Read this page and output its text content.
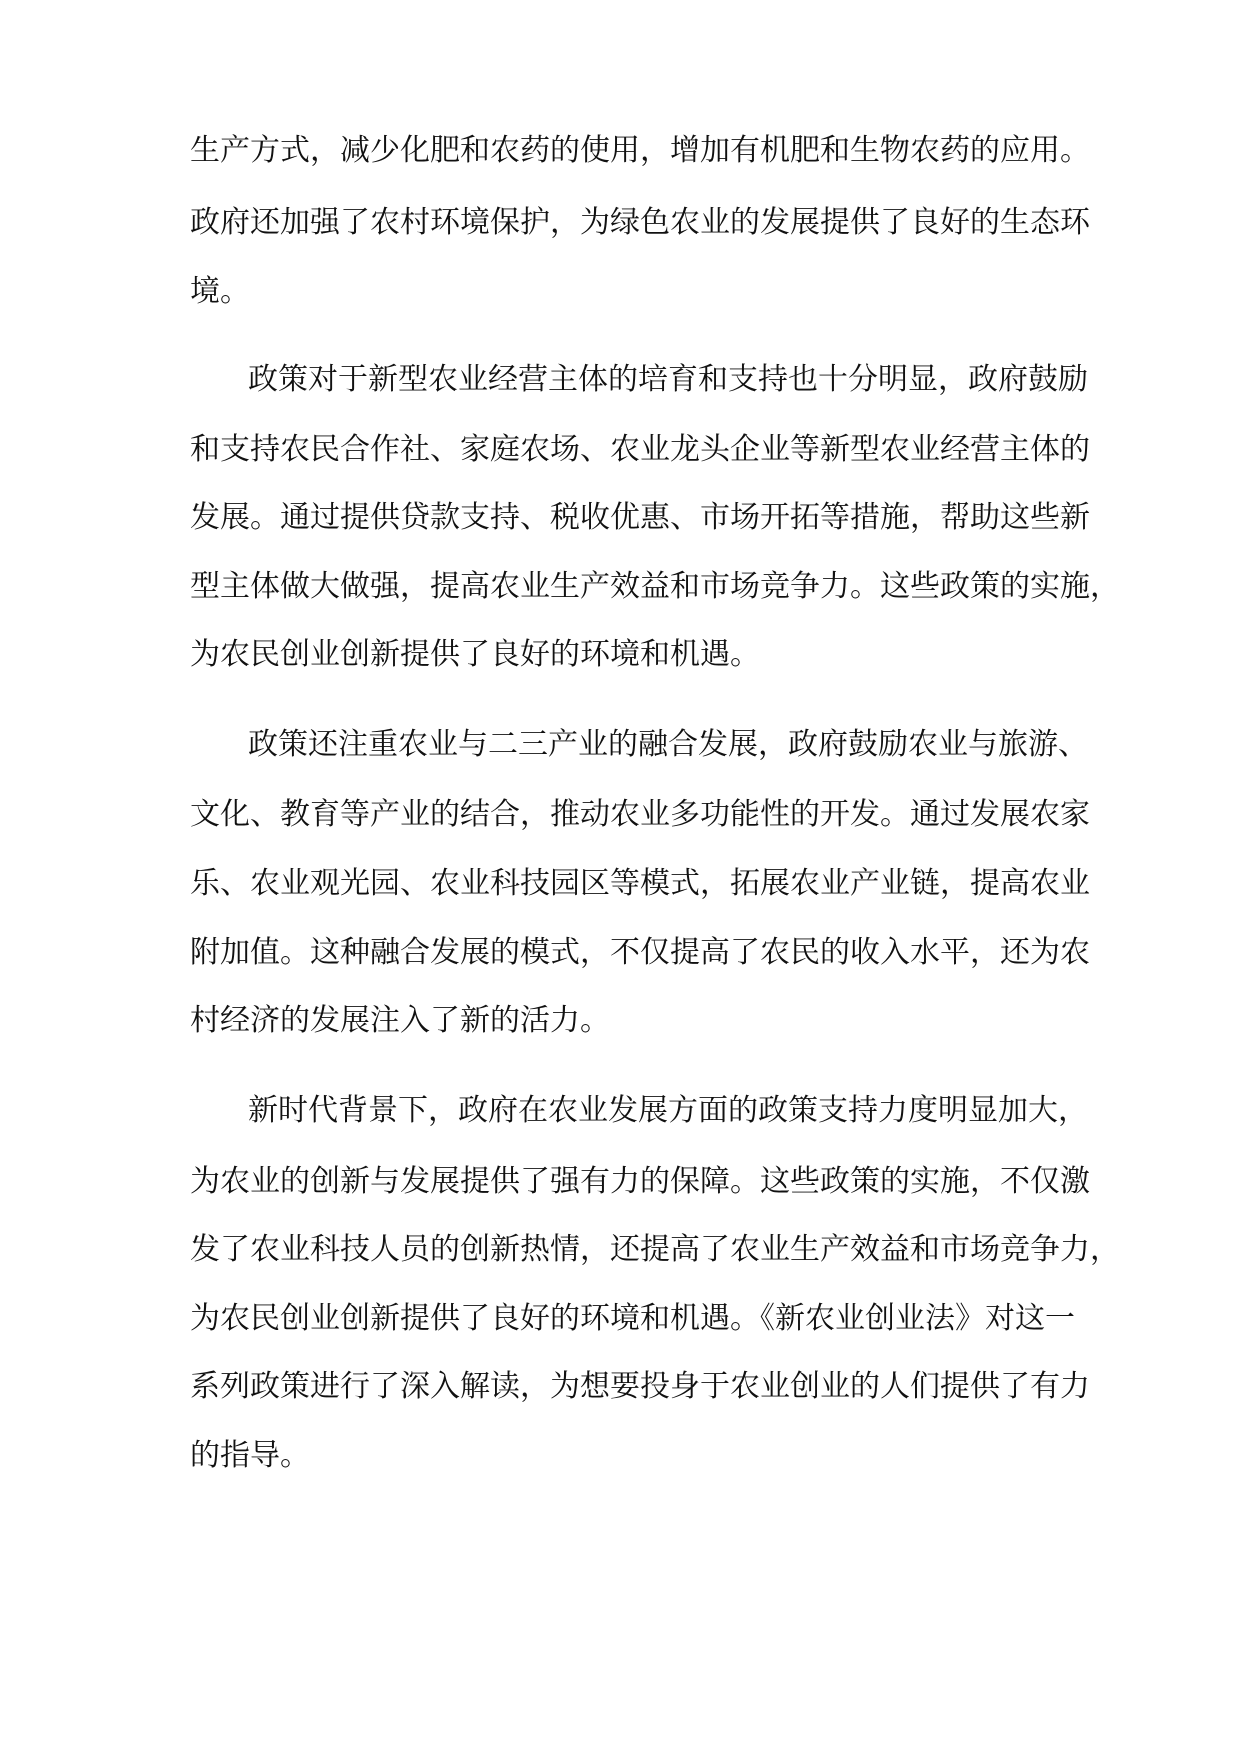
生产方式，减少化肥和农药的使用，增加有机肥和生物农药的应用。
政府还加强了农村环境保护，为绿色农业的发展提供了良好的生态环
境。
政策对于新型农业经营主体的培育和支持也十分明显，政府鼓励
和支持农民合作社、家庭农场、农业龙头企业等新型农业经营主体的
发展。通过提供贷款支持、税收优惠、市场开拓等措施，帮助这些新
型主体做大做强，提高农业生产效益和市场竞争力。这些政策的实施，
为农民创业创新提供了良好的环境和机遇。
政策还注重农业与二三产业的融合发展，政府鼓励农业与旅游、
文化、教育等产业的结合，推动农业多功能性的开发。通过发展农家
乐、农业观光园、农业科技园区等模式，拓展农业产业链，提高农业
附加值。这种融合发展的模式，不仅提高了农民的收入水平，还为农
村经济的发展注入了新的活力。
新时代背景下，政府在农业发展方面的政策支持力度明显加大，
为农业的创新与发展提供了强有力的保障。这些政策的实施，不仅激
发了农业科技人员的创新热情，还提高了农业生产效益和市场竞争力，
为农民创业创新提供了良好的环境和机遇。《新农业创业法》对这一
系列政策进行了深入解读，为想要投身于农业创业的人们提供了有力
的指导。
